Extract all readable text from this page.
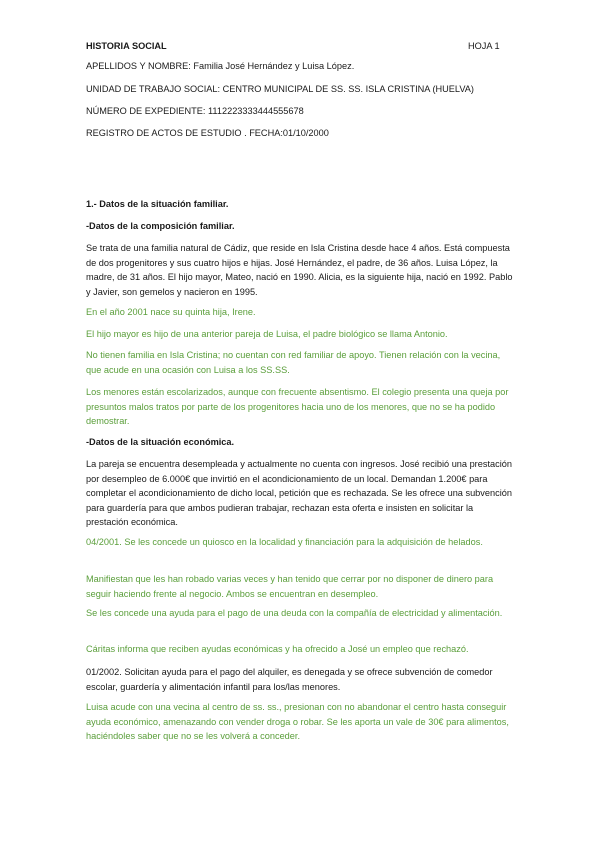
HISTORIA SOCIAL	HOJA 1
APELLIDOS Y NOMBRE: Familia José Hernández y Luisa López.
UNIDAD DE TRABAJO SOCIAL: CENTRO MUNICIPAL DE SS. SS. ISLA CRISTINA (HUELVA)
NÚMERO DE EXPEDIENTE: 1112223333444555678
REGISTRO DE ACTOS DE ESTUDIO . FECHA:01/10/2000
1.- Datos de la situación familiar.
-Datos de la composición familiar.
Se trata de una familia natural de Cádiz, que reside en Isla Cristina desde hace 4 años. Está compuesta de dos progenitores y sus cuatro hijos e hijas. José Hernández, el padre, de 36 años. Luisa López, la madre, de 31 años. El hijo mayor, Mateo, nació en 1990. Alicia, es la siguiente hija, nació en 1992. Pablo y Javier, son gemelos y nacieron en 1995.
En el año 2001 nace su quinta hija, Irene.
El hijo mayor es hijo de una anterior pareja de Luisa, el padre biológico se llama Antonio.
No tienen familia en Isla Cristina; no cuentan con red familiar de apoyo. Tienen relación con la vecina, que acude en una ocasión con Luisa a los SS.SS.
Los menores están escolarizados, aunque con frecuente absentismo. El colegio presenta una queja por presuntos malos tratos por parte de los progenitores hacia uno de los menores, que no se ha podido demostrar.
-Datos de la situación económica.
La pareja se encuentra desempleada y actualmente no cuenta con ingresos. José recibió una prestación por desempleo de 6.000€ que invirtió en el acondicionamiento de un local. Demandan 1.200€ para completar el acondicionamiento de dicho local, petición que es rechazada. Se les ofrece una subvención para guardería para que ambos pudieran trabajar, rechazan esta oferta e insisten en solicitar la prestación económica.
04/2001. Se les concede un quiosco en la localidad y financiación para la adquisición de helados.
Manifiestan que les han robado varias veces y han tenido que cerrar por no disponer de dinero para seguir haciendo frente al negocio. Ambos se encuentran en desempleo.
Se les concede una ayuda para el pago de una deuda con la compañía de electricidad y alimentación.
Cáritas informa que reciben ayudas económicas y ha ofrecido a José un empleo que rechazó.
01/2002. Solicitan ayuda para el pago del alquiler, es denegada y se ofrece subvención de comedor escolar, guardería y alimentación infantil para los/las menores.
Luisa acude con una vecina al centro de ss. ss., presionan con no abandonar el centro hasta conseguir ayuda económico, amenazando con vender droga o robar. Se les aporta un vale de 30€ para alimentos, haciéndoles saber que no se les volverá a conceder.
